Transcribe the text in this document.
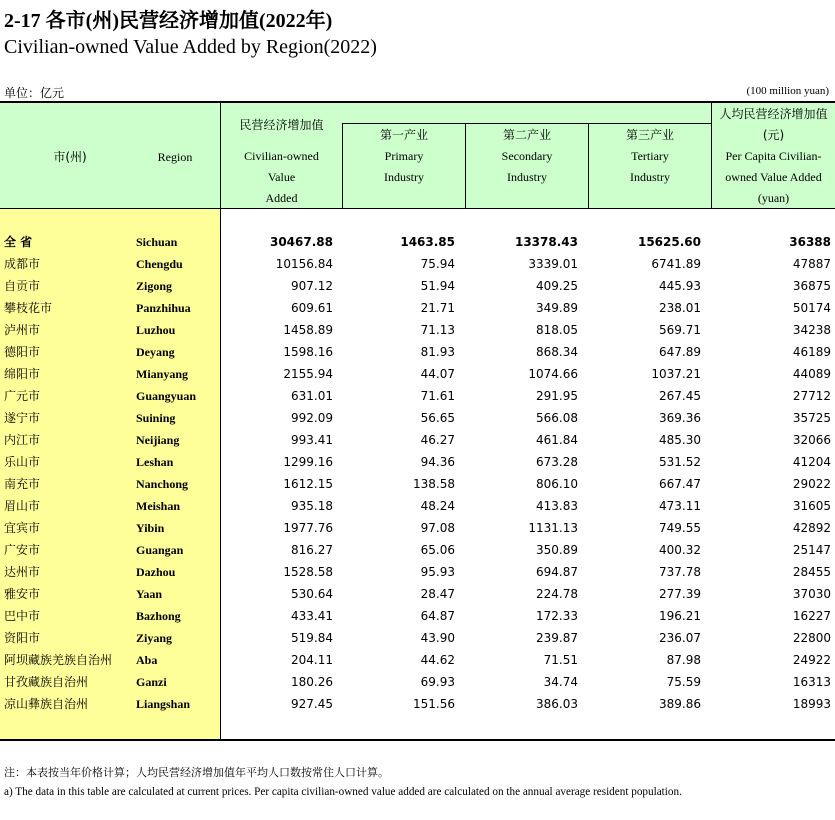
2-17 各市(州)民营经济增加值(2022年)
Civilian-owned Value Added by Region(2022)
单位：亿元	(100 million yuan)
市(州)	Region
民营经济增加值
Civilian-owned
Value
Added
第一产业
Primary
Industry
第二产业
Secondary
Industry
第三产业
Tertiary
Industry
人均民营经济增加值
(元)
Per Capita Civilian-
owned Value Added
(yuan)
全 省	Sichuan	30467.88	1463.85	13378.43	15625.60	36388
成都市	Chengdu	10156.84	75.94	3339.01	6741.89	47887
自贡市	Zigong	907.12	51.94	409.25	445.93	36875
攀枝花市	Panzhihua	609.61	21.71	349.89	238.01	50174
泸州市	Luzhou	1458.89	71.13	818.05	569.71	34238
德阳市	Deyang	1598.16	81.93	868.34	647.89	46189
绵阳市	Mianyang	2155.94	44.07	1074.66	1037.21	44089
广元市	Guangyuan	631.01	71.61	291.95	267.45	27712
遂宁市	Suining	992.09	56.65	566.08	369.36	35725
内江市	Neijiang	993.41	46.27	461.84	485.30	32066
乐山市	Leshan	1299.16	94.36	673.28	531.52	41204
南充市	Nanchong	1612.15	138.58	806.10	667.47	29022
眉山市	Meishan	935.18	48.24	413.83	473.11	31605
宜宾市	Yibin	1977.76	97.08	1131.13	749.55	42892
广安市	Guangan	816.27	65.06	350.89	400.32	25147
达州市	Dazhou	1528.58	95.93	694.87	737.78	28455
雅安市	Yaan	530.64	28.47	224.78	277.39	37030
巴中市	Bazhong	433.41	64.87	172.33	196.21	16227
资阳市	Ziyang	519.84	43.90	239.87	236.07	22800
阿坝藏族羌族自治州 Aba	204.11	44.62	71.51	87.98	24922
甘孜藏族自治州	Ganzi	180.26	69.93	34.74	75.59	16313
凉山彝族自治州	Liangshan	927.45	151.56	386.03	389.86	18993
注：本表按当年价格计算；人均民营经济增加值年平均人口数按常住人口计算。
a) The data in this table are calculated at current prices. Per capita civilian-owned value added are calculated on the annual average resident population.
